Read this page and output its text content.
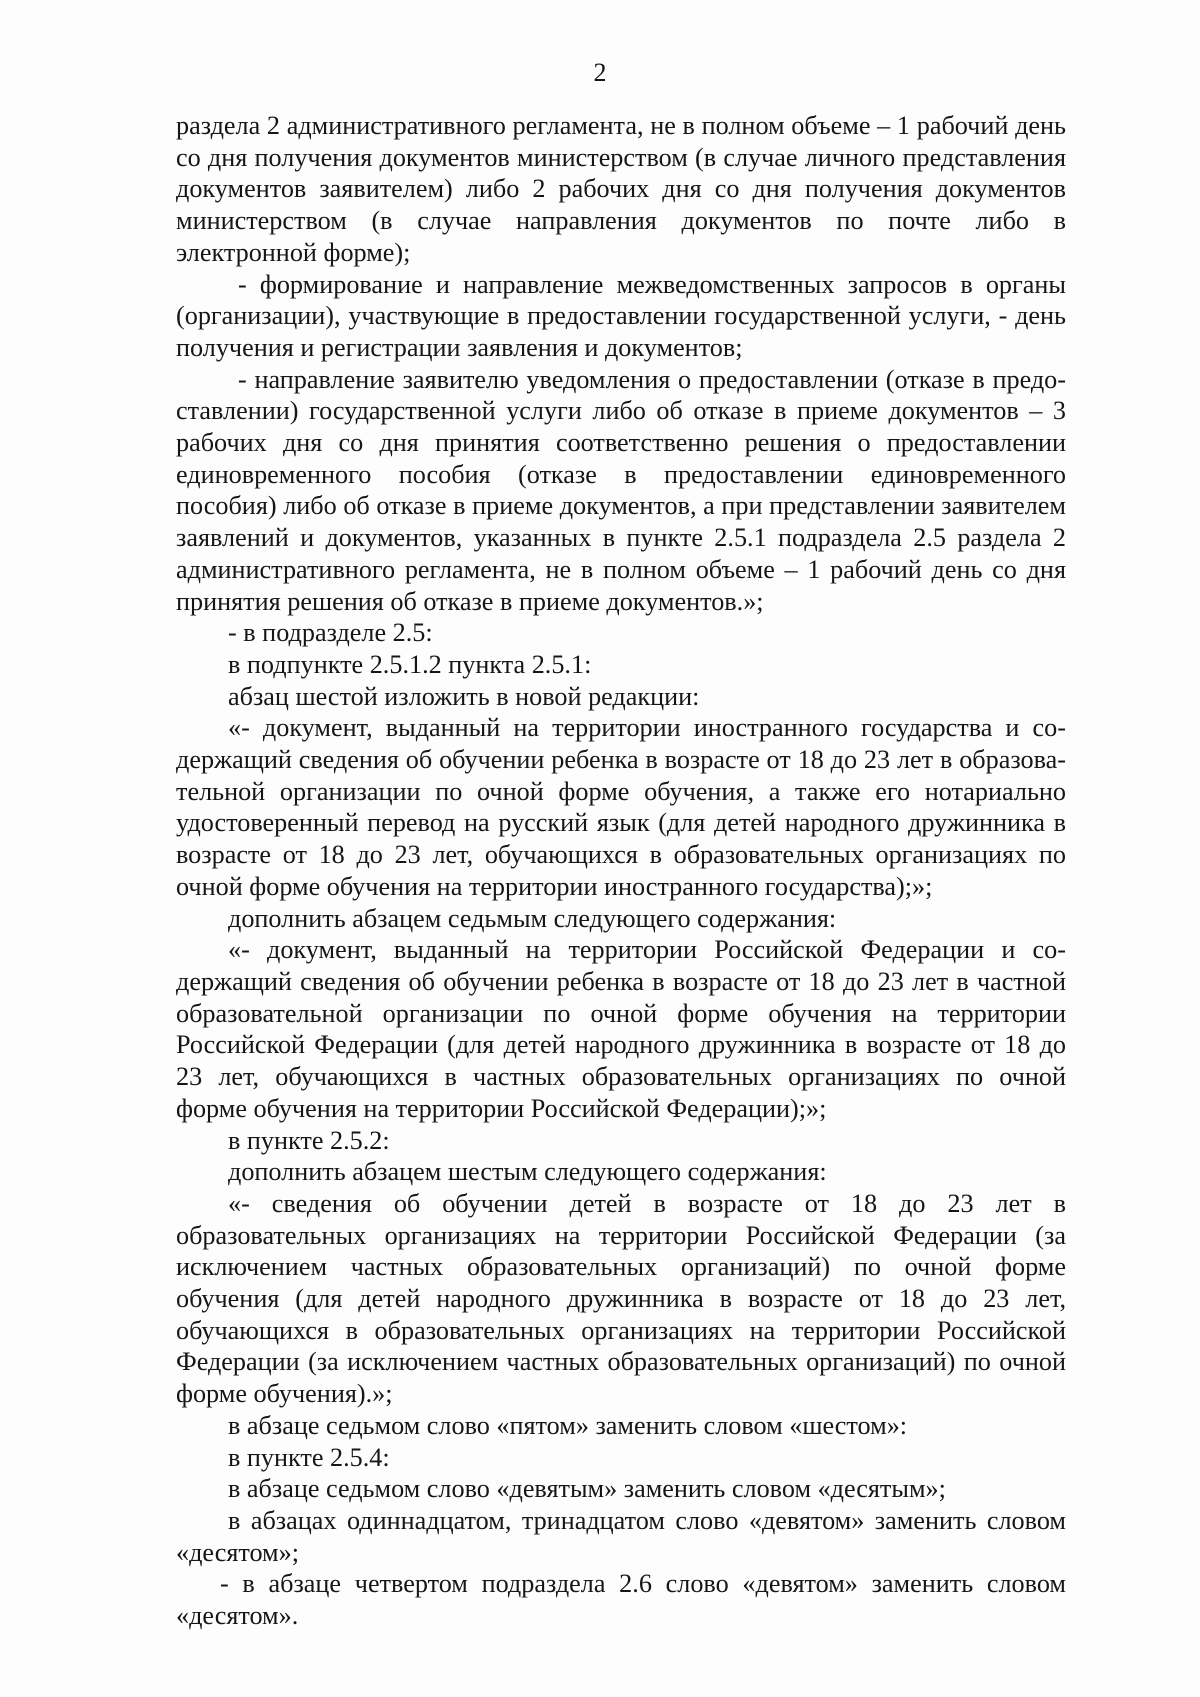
2

раздела 2 административного регламента, не в полном объеме – 1 рабочий день со дня получения документов министерством (в случае личного представления документов заявителем) либо 2 рабочих дня со дня получения документов министерством (в случае направления документов по почте либо в электронной форме);

- формирование и направление межведомственных запросов в органы (организации), участвующие в предоставлении государственной услуги, - день получения и регистрации заявления и документов;

- направление заявителю уведомления о предоставлении (отказе в предоставлении) государственной услуги либо об отказе в приеме документов – 3 рабочих дня со дня принятия соответственно решения о предоставлении единовременного пособия (отказе в предоставлении единовременного пособия) либо об отказе в приеме документов, а при представлении заявителем заявлений и документов, указанных в пункте 2.5.1 подраздела 2.5 раздела 2 административного регламента, не в полном объеме – 1 рабочий день со дня принятия решения об отказе в приеме документов.»;

- в подразделе 2.5:

в подпункте 2.5.1.2 пункта 2.5.1:

абзац шестой изложить в новой редакции:

«- документ, выданный на территории иностранного государства и содержащий сведения об обучении ребенка в возрасте от 18 до 23 лет в образовательной организации по очной форме обучения, а также его нотариально удостоверенный перевод на русский язык (для детей народного дружинника в возрасте от 18 до 23 лет, обучающихся в образовательных организациях по очной форме обучения на территории иностранного государства);»;

дополнить абзацем седьмым следующего содержания:

«- документ, выданный на территории Российской Федерации и содержащий сведения об обучении ребенка в возрасте от 18 до 23 лет в частной образовательной организации по очной форме обучения на территории Российской Федерации (для детей народного дружинника в возрасте от 18 до 23 лет, обучающихся в частных образовательных организациях по очной форме обучения на территории Российской Федерации);»;

в пункте 2.5.2:

дополнить абзацем шестым следующего содержания:

«- сведения об обучении детей в возрасте от 18 до 23 лет в образовательных организациях на территории Российской Федерации (за исключением частных образовательных организаций) по очной форме обучения (для детей народного дружинника в возрасте от 18 до 23 лет, обучающихся в образовательных организациях на территории Российской Федерации (за исключением частных образовательных организаций) по очной форме обучения).»;

в абзаце седьмом слово «пятом» заменить словом «шестом»:

в пункте 2.5.4:

в абзаце седьмом слово «девятым» заменить словом «десятым»;

в абзацах одиннадцатом, тринадцатом слово «девятом» заменить словом «десятом»;

- в абзаце четвертом подраздела 2.6 слово «девятом» заменить словом «десятом».
